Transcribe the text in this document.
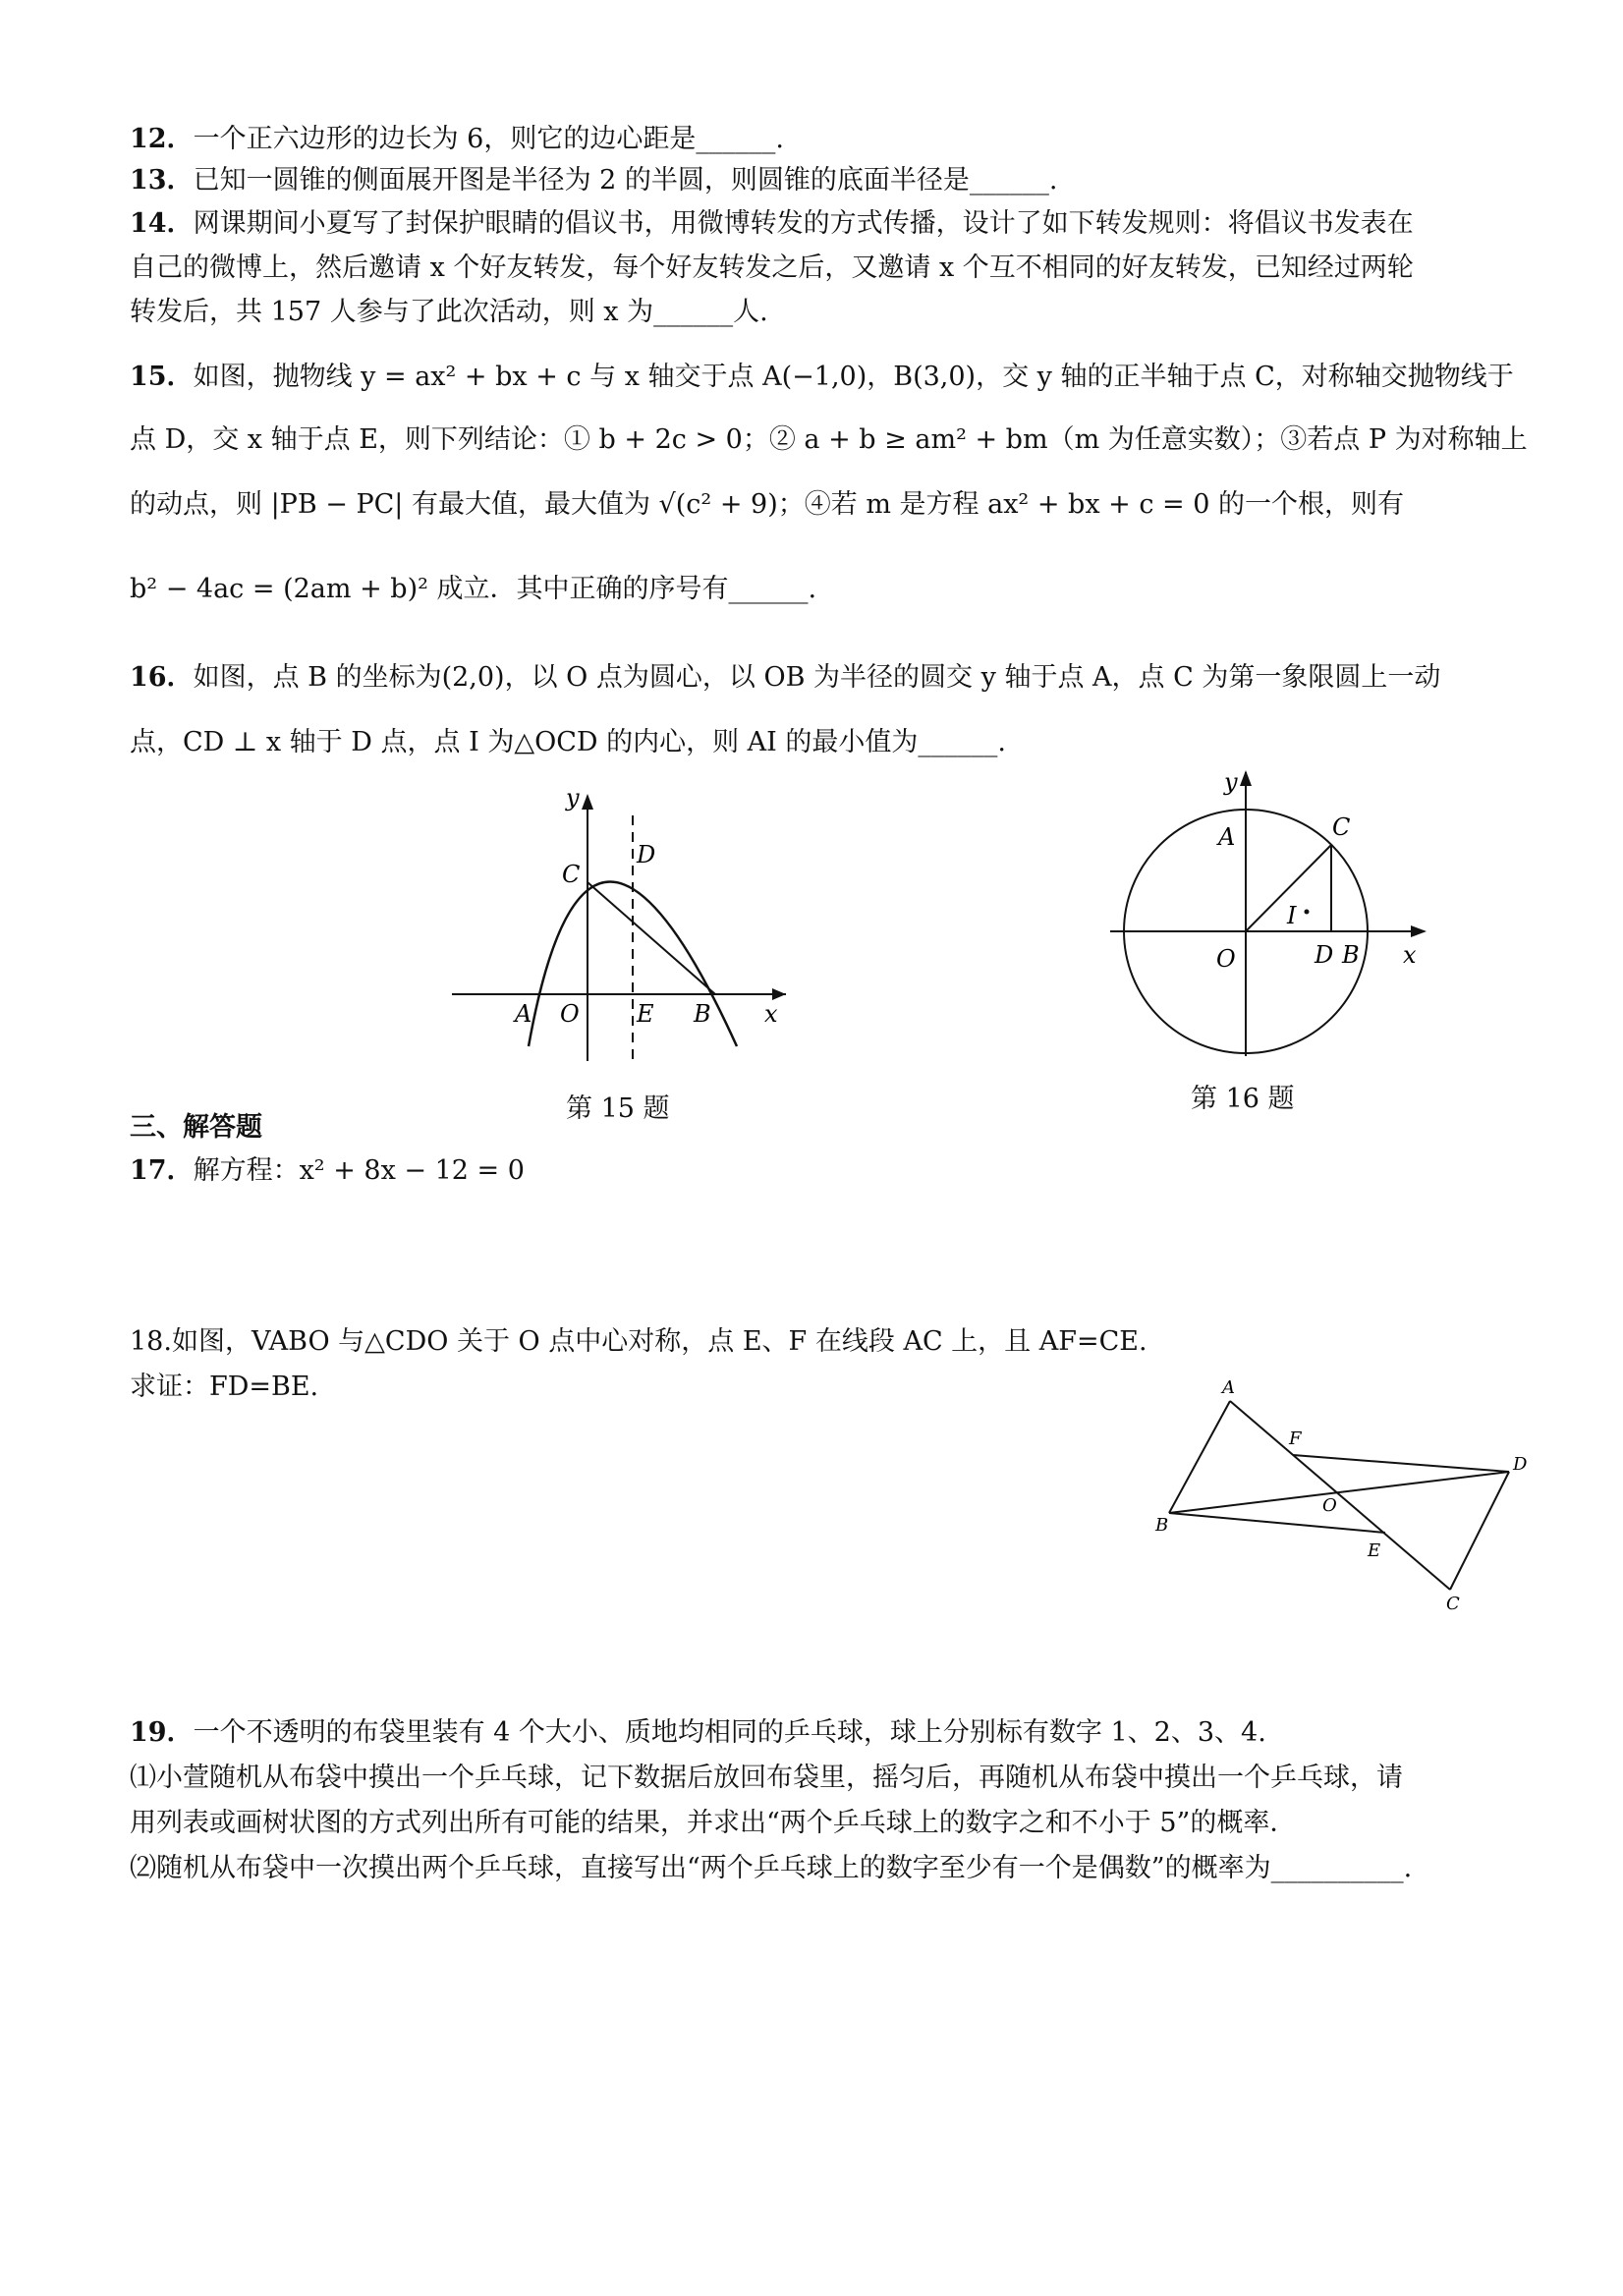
12．一个正六边形的边长为 6，则它的边心距是______.
13．已知一圆锥的侧面展开图是半径为 2 的半圆，则圆锥的底面半径是______.
14．网课期间小夏写了封保护眼睛的倡议书，用微博转发的方式传播，设计了如下转发规则：将倡议书发表在
自己的微博上，然后邀请 x 个好友转发，每个好友转发之后，又邀请 x 个互不相同的好友转发，已知经过两轮
转发后，共 157 人参与了此次活动，则 x 为______人.
15．如图，抛物线 y = ax² + bx + c 与 x 轴交于点 A(−1,0)，B(3,0)，交 y 轴的正半轴于点 C，对称轴交抛物线于
点 D，交 x 轴于点 E，则下列结论：① b + 2c > 0；② a + b ≥ am² + bm（m 为任意实数）；③若点 P 为对称轴上
的动点，则 |PB − PC| 有最大值，最大值为 √(c² + 9)；④若 m 是方程 ax² + bx + c = 0 的一个根，则有
b² − 4ac = (2am + b)² 成立．其中正确的序号有______.
16．如图，点 B 的坐标为(2,0)，以 O 点为圆心，以 OB 为半径的圆交 y 轴于点 A，点 C 为第一象限圆上一动
点，CD ⊥ x 轴于 D 点，点 I 为△OCD 的内心，则 AI 的最小值为______.
y
x
C
D
A O E B
第 15 题
y
x
A	C
I
O	D B
第 16 题
三、解答题
17．解方程：x² + 8x − 12 = 0
18.如图，VABO 与△CDO 关于 O 点中心对称，点 E、F 在线段 AC 上，且 AF=CE.
求证：FD=BE.	A
F
D
O
B
E
C
19．一个不透明的布袋里装有 4 个大小、质地均相同的乒乓球，球上分别标有数字 1、2、3、4.
⑴小萱随机从布袋中摸出一个乒乓球，记下数据后放回布袋里，摇匀后，再随机从布袋中摸出一个乒乓球，请
用列表或画树状图的方式列出所有可能的结果，并求出“两个乒乓球上的数字之和不小于 5”的概率．
⑵随机从布袋中一次摸出两个乒乓球，直接写出“两个乒乓球上的数字至少有一个是偶数”的概率为__________.
